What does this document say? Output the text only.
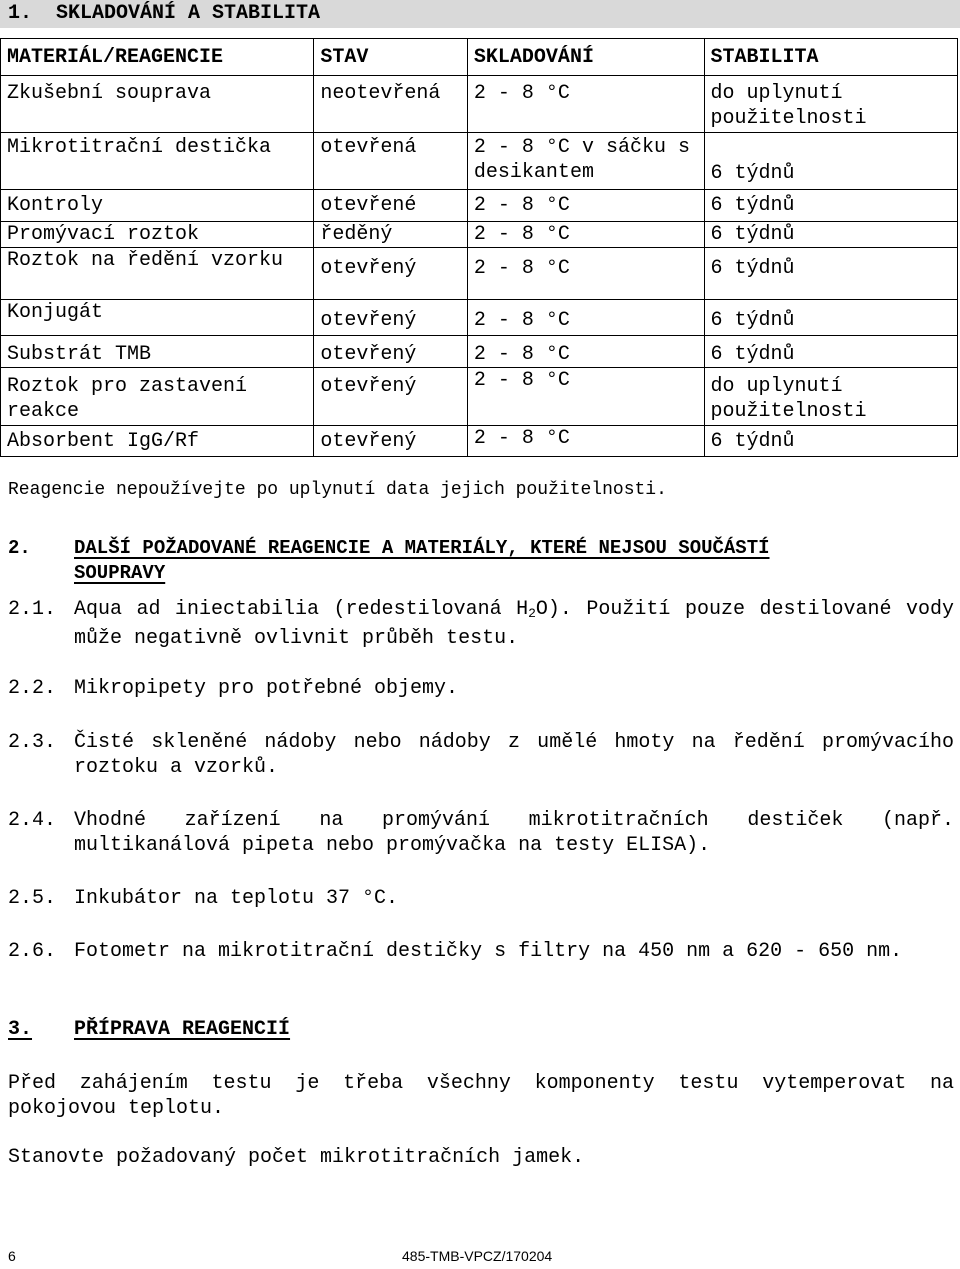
1.  SKLADOVÁNÍ A STABILITA
MATERIÁL/REAGENCIE	STAV	SKLADOVÁNÍ	STABILITA
Zkušební souprava	neotevřená	2 - 8 °C	do uplynutí použitelnosti
Mikrotitrační destička	otevřená	2 - 8 °C v sáčku s desikantem	6 týdnů
Kontroly	otevřené	2 - 8 °C	6 týdnů
Promývací roztok	ředěný	2 - 8 °C	6 týdnů
Roztok na ředění vzorku	otevřený	2 - 8 °C	6 týdnů
Konjugát	otevřený	2 - 8 °C	6 týdnů
Substrát TMB	otevřený	2 - 8 °C	6 týdnů
Roztok pro zastavení reakce	otevřený	2 - 8 °C	do uplynutí použitelnosti
Absorbent IgG/Rf	otevřený	2 - 8 °C	6 týdnů
Reagencie nepoužívejte po uplynutí data jejich použitelnosti.
2. DALŠÍ POŽADOVANÉ REAGENCIE A MATERIÁLY, KTERÉ NEJSOU SOUČÁSTÍ
SOUPRAVY
2.1. Aqua ad iniectabilia (redestilovaná $H_2O$). Použití pouze destilované vody může negativně ovlivnit průběh testu.
2.2. Mikropipety pro potřebné objemy.
2.3. Čisté skleněné nádoby nebo nádoby z umělé hmoty na ředění promývacího roztoku a vzorků.
2.4. Vhodné zařízení na promývání mikrotitračních destiček (např. multikanálová pipeta nebo promývačka na testy ELISA).
2.5. Inkubátor na teplotu 37 °C.
2.6. Fotometr na mikrotitrační destičky s filtry na 450 nm a 620 - 650 nm.
3. PŘÍPRAVA REAGENCIÍ
Před zahájením testu je třeba všechny komponenty testu vytemperovat na pokojovou teplotu.
Stanovte požadovaný počet mikrotitračních jamek.
6	485-TMB-VPCZ/170204
